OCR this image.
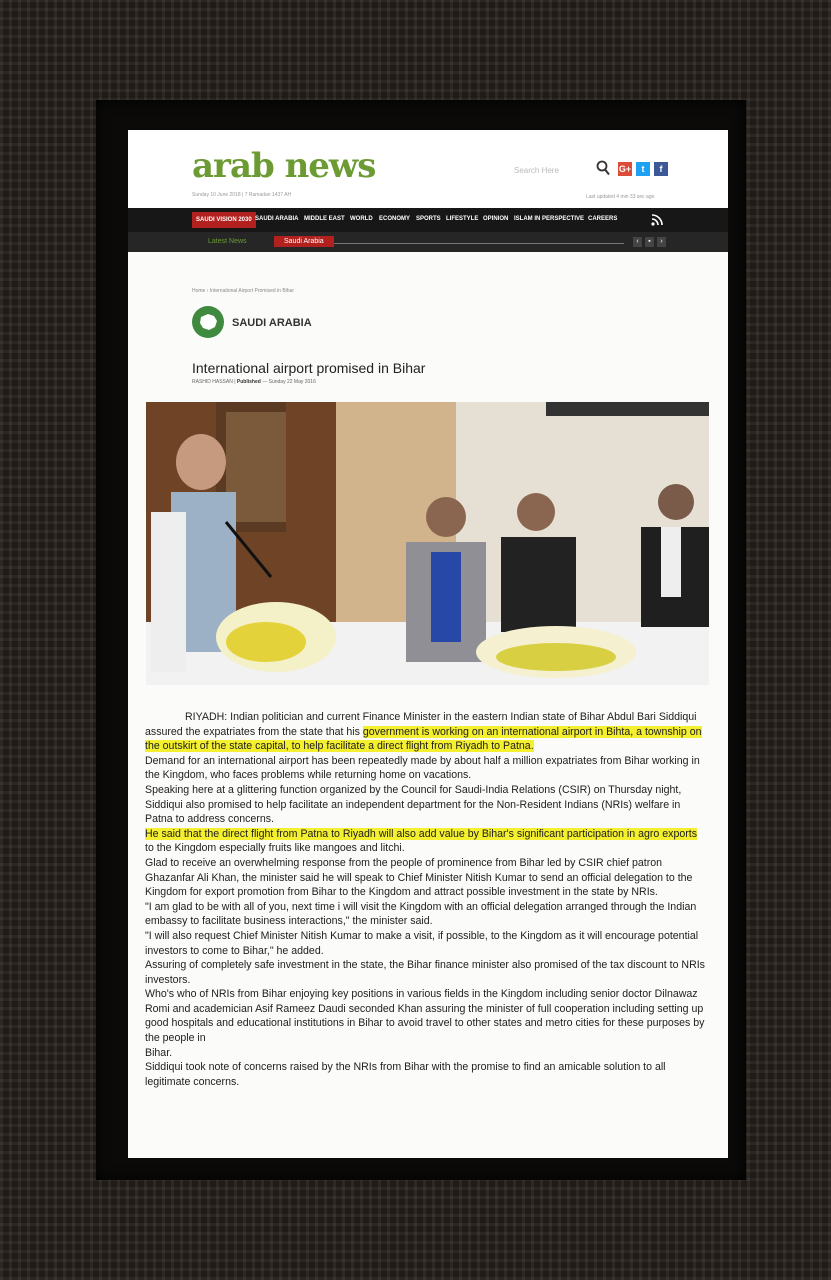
arab news
Sunday 10 June 2018 | 7 Ramadan 1437 AH
Search Here	G+	t	f
Last updated 4 min 33 sec ago
SAUDI VISION 2030 SAUDI ARABIA MIDDLE EAST WORLD ECONOMY SPORTS LIFESTYLE OPINION ISLAM IN PERSPECTIVE CAREERS
Latest News	Saudi Arabia	‹	▪	›
Home › International Airport Promised in Bihar
SAUDI ARABIA
International airport promised in Bihar
RASHID HASSAN | Published — Sunday 22 May 2016

RIYADH: Indian politician and current Finance Minister in the eastern Indian state of Bihar Abdul Bari Siddiqui assured the expatriates from the state that his government is working on an international airport in Bihta, a township on the outskirt of the state capital, to help facilitate a direct flight from Riyadh to Patna.

Demand for an international airport has been repeatedly made by about half a million expatriates from Bihar working in the Kingdom, who faces problems while returning home on vacations.

Speaking here at a glittering function organized by the Council for Saudi-India Relations (CSIR) on Thursday night, Siddiqui also promised to help facilitate an independent department for the Non-Resident Indians (NRIs) welfare in Patna to address concerns.

He said that the direct flight from Patna to Riyadh will also add value by Bihar's significant participation in agro exports to the Kingdom especially fruits like mangoes and litchi.

Glad to receive an overwhelming response from the people of prominence from Bihar led by CSIR chief patron Ghazanfar Ali Khan, the minister said he will speak to Chief Minister Nitish Kumar to send an official delegation to the Kingdom for export promotion from Bihar to the Kingdom and attract possible investment in the state by NRIs.

"I am glad to be with all of you, next time i will visit the Kingdom with an official delegation arranged through the Indian embassy to facilitate business interactions," the minister said.

"I will also request Chief Minister Nitish Kumar to make a visit, if possible, to the Kingdom as it will encourage potential investors to come to Bihar," he added.

Assuring of completely safe investment in the state, the Bihar finance minister also promised of the tax discount to NRIs investors.

Who's who of NRIs from Bihar enjoying key positions in various fields in the Kingdom including senior doctor Dilnawaz Romi and academician Asif Rameez Daudi seconded Khan assuring the minister of full cooperation including setting up good hospitals and educational institutions in Bihar to avoid travel to other states and metro cities for these purposes by the people in

Bihar.

Siddiqui took note of concerns raised by the NRIs from Bihar with the promise to find an amicable solution to all legitimate concerns.
